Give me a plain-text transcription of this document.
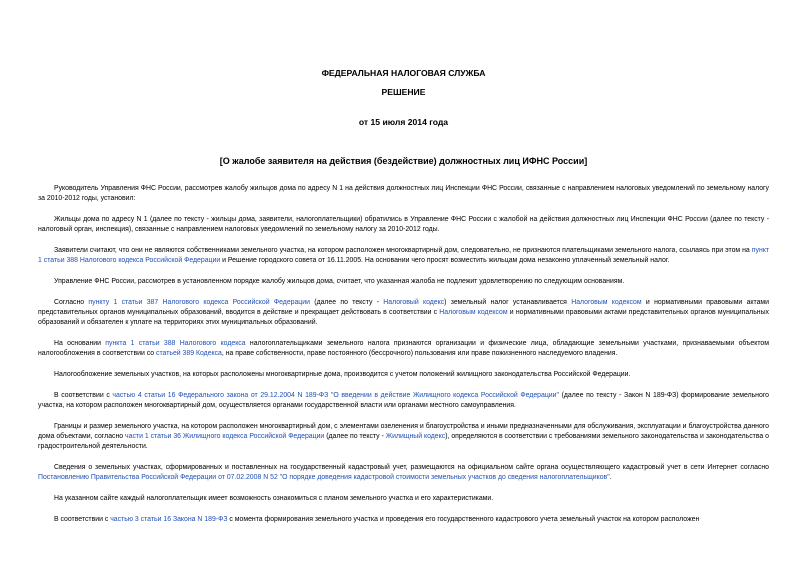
ФЕДЕРАЛЬНАЯ НАЛОГОВАЯ СЛУЖБА
РЕШЕНИЕ
от 15 июля 2014 года
[О жалобе заявителя на действия (бездействие) должностных лиц ИФНС России]

Руководитель Управления ФНС России, рассмотрев жалобу жильцов дома по адресу N 1 на действия должностных лиц Инспекции ФНС России, связанные с направлением налоговых уведомлений по земельному налогу за 2010-2012 годы, установил:

Жильцы дома по адресу N 1 (далее по тексту - жильцы дома, заявители, налогоплательщики) обратились в Управление ФНС России с жалобой на действия должностных лиц Инспекции ФНС России (далее по тексту - налоговый орган, инспекция), связанные с направлением налоговых уведомлений по земельному налогу за 2010-2012 годы.

Заявители считают, что они не являются собственниками земельного участка, на котором расположен многоквартирный дом, следовательно, не признаются плательщиками земельного налога, ссылаясь при этом на пункт 1 статьи 388 Налогового кодекса Российской Федерации и Решение городского совета от 16.11.2005. На основании чего просят возместить жильцам дома незаконно уплаченный земельный налог.

Управление ФНС России, рассмотрев в установленном порядке жалобу жильцов дома, считает, что указанная жалоба не подлежит удовлетворению по следующим основаниям.

Согласно пункту 1 статьи 387 Налогового кодекса Российской Федерации (далее по тексту - Налоговый кодекс) земельный налог устанавливается Налоговым кодексом и нормативными правовыми актами представительных органов муниципальных образований, вводится в действие и прекращает действовать в соответствии с Налоговым кодексом и нормативными правовыми актами представительных органов муниципальных образований и обязателен к уплате на территориях этих муниципальных образований.

На основании пункта 1 статьи 388 Налогового кодекса налогоплательщиками земельного налога признаются организации и физические лица, обладающие земельными участками, признаваемыми объектом налогообложения в соответствии со статьей 389 Кодекса, на праве собственности, праве постоянного (бессрочного) пользования или праве пожизненного наследуемого владения.

Налогообложение земельных участков, на которых расположены многоквартирные дома, производится с учетом положений жилищного законодательства Российской Федерации.

В соответствии с частью 4 статьи 16 Федерального закона от 29.12.2004 N 189-ФЗ "О введении в действие Жилищного кодекса Российской Федерации" (далее по тексту - Закон N 189-ФЗ) формирование земельного участка, на котором расположен многоквартирный дом, осуществляется органами государственной власти или органами местного самоуправления.

Границы и размер земельного участка, на котором расположен многоквартирный дом, с элементами озеленения и благоустройства и иными предназначенными для обслуживания, эксплуатации и благоустройства данного дома объектами, согласно части 1 статьи 36 Жилищного кодекса Российской Федерации (далее по тексту - Жилищный кодекс), определяются в соответствии с требованиями земельного законодательства и законодательства о градостроительной деятельности.

Сведения о земельных участках, сформированных и поставленных на государственный кадастровый учет, размещаются на официальном сайте органа осуществляющего кадастровый учет в сети Интернет согласно Постановлению Правительства Российской Федерации от 07.02.2008 N 52 "О порядке доведения кадастровой стоимости земельных участков до сведения налогоплательщиков".

На указанном сайте каждый налогоплательщик имеет возможность ознакомиться с планом земельного участка и его характеристиками.

В соответствии с частью 3 статьи 16 Закона N 189-ФЗ с момента формирования земельного участка и проведения его государственного кадастрового учета земельный участок на котором расположен
